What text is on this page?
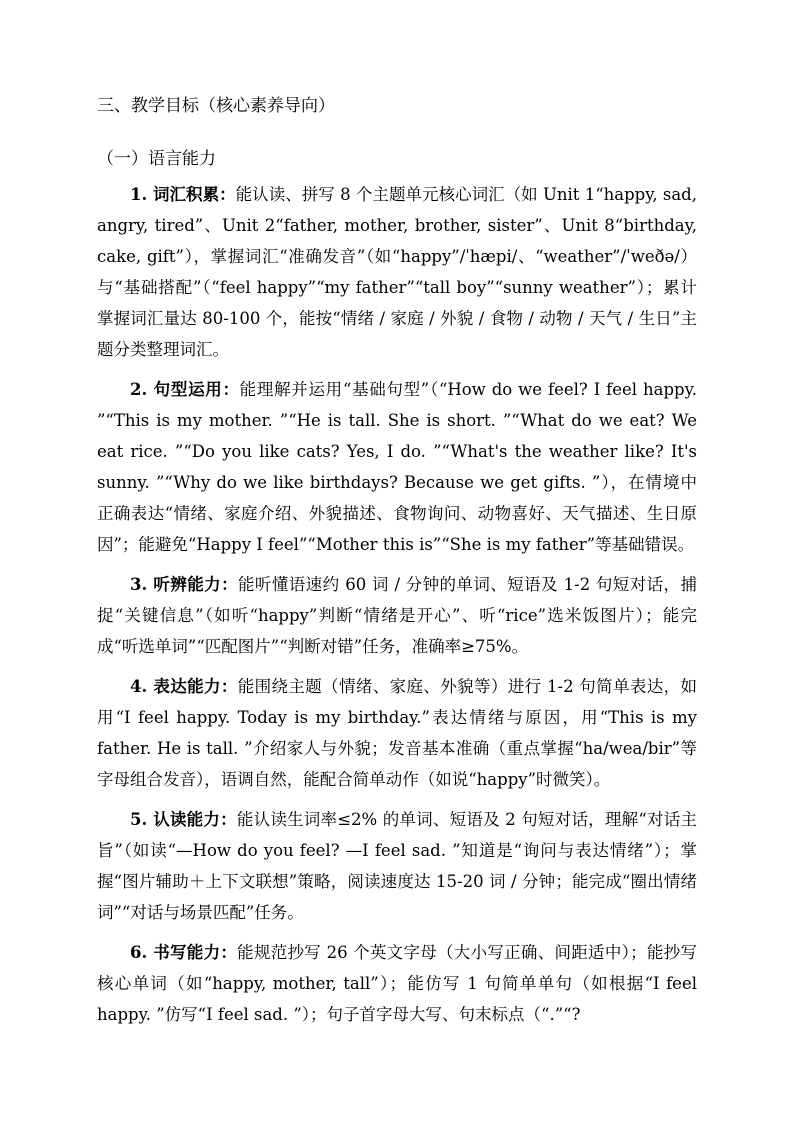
三、教学目标（核心素养导向）
（一）语言能力

1. 词汇积累：能认读、拼写 8 个主题单元核心词汇（如 Unit 1“happy, sad, angry, tired”、Unit 2“father, mother, brother, sister”、Unit 8“birthday, cake, gift”），掌握词汇“准确发音”（如“happy”/ˈhæpi/、“weather”/ˈweðə/）与“基础搭配”（“feel happy”“my father”“tall boy”“sunny weather”）；累计掌握词汇量达 80-100 个，能按“情绪 / 家庭 / 外貌 / 食物 / 动物 / 天气 / 生日”主题分类整理词汇。

2. 句型运用：能理解并运用“基础句型”（“How do we feel? I feel happy. ”“This is my mother. ”“He is tall. She is short. ”“What do we eat? We eat rice. ”“Do you like cats? Yes, I do. ”“What's the weather like? It's sunny. ”“Why do we like birthdays? Because we get gifts. ”），在情境中正确表达“情绪、家庭介绍、外貌描述、食物询问、动物喜好、天气描述、生日原因”；能避免“Happy I feel”“Mother this is”“She is my father”等基础错误。

3. 听辨能力：能听懂语速约 60 词 / 分钟的单词、短语及 1-2 句短对话，捕捉“关键信息”（如听“happy”判断“情绪是开心”、听“rice”选米饭图片）；能完成“听选单词”“匹配图片”“判断对错”任务，准确率≥75%。

4. 表达能力：能围绕主题（情绪、家庭、外貌等）进行 1-2 句简单表达，如用“I feel happy. Today is my birthday.”表达情绪与原因，用“This is my father. He is tall. ”介绍家人与外貌；发音基本准确（重点掌握“ha/wea/bir”等字母组合发音），语调自然，能配合简单动作（如说“happy”时微笑）。

5. 认读能力：能认读生词率≤2% 的单词、短语及 2 句短对话，理解“对话主旨”（如读“—How do you feel? —I feel sad. ”知道是“询问与表达情绪”）；掌握“图片辅助＋上下文联想”策略，阅读速度达 15-20 词 / 分钟；能完成“圈出情绪词”“对话与场景匹配”任务。

6. 书写能力：能规范抄写 26 个英文字母（大小写正确、间距适中）；能抄写核心单词（如“happy, mother, tall”）；能仿写 1 句简单单句（如根据“I feel happy. ”仿写“I feel sad. ”）；句子首字母大写、句末标点（“.”“?
